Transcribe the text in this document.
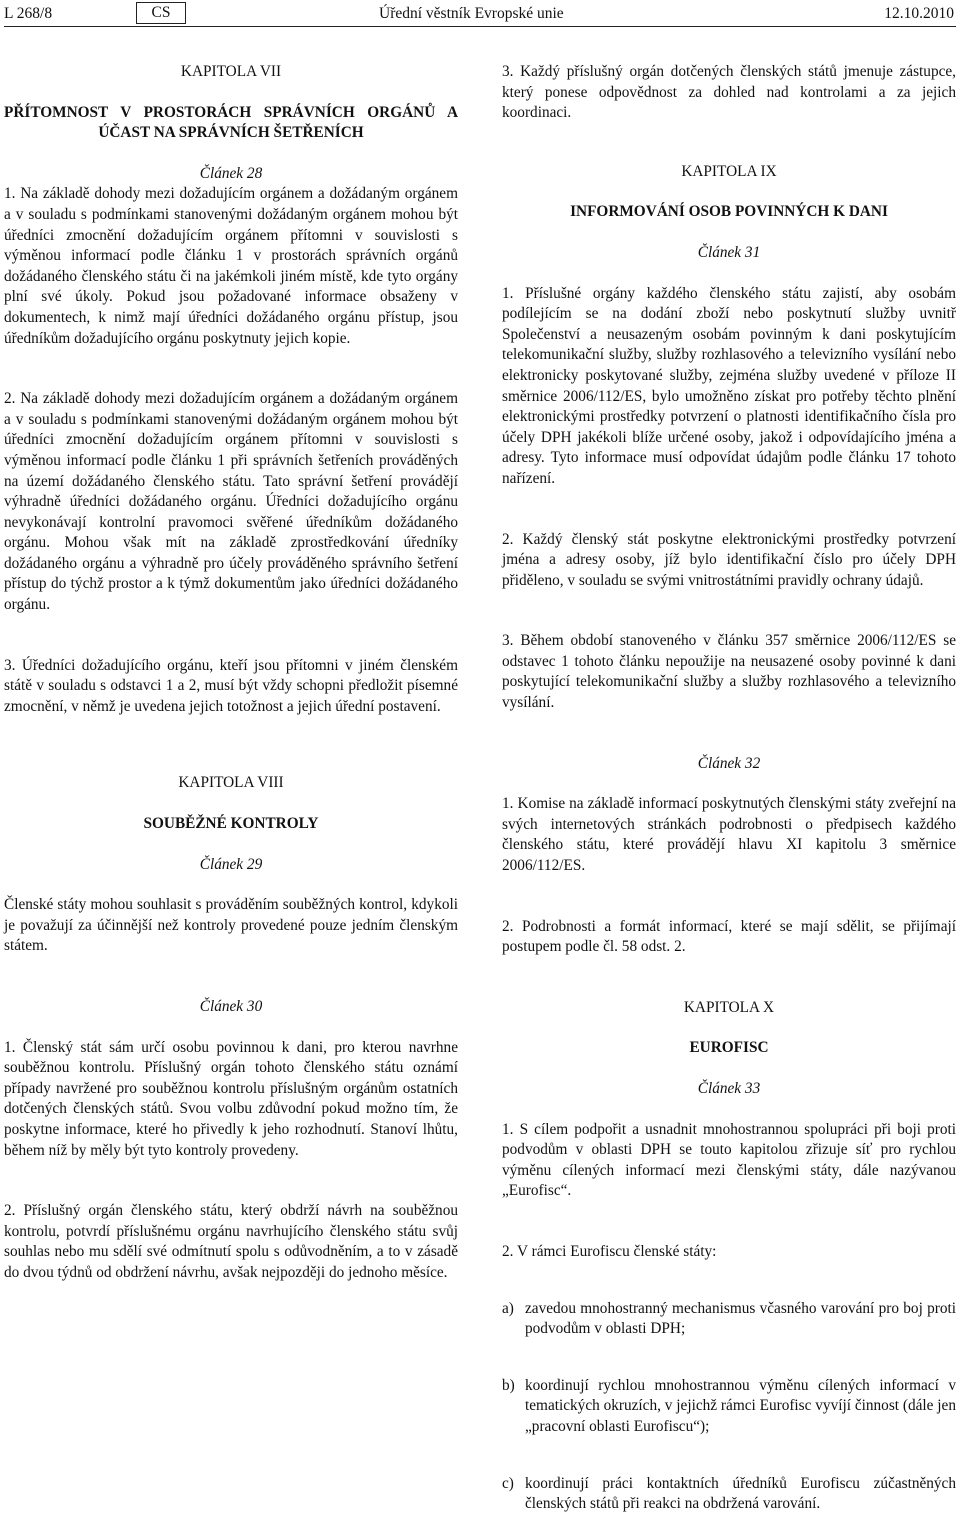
L 268/8	CS	Úřední věstník Evropské unie	12.10.2010
KAPITOLA VII
PŘÍTOMNOST V PROSTORÁCH SPRÁVNÍCH ORGÁNŮ A ÚČAST NA SPRÁVNÍCH ŠETŘENÍCH
Článek 28

1. Na základě dohody mezi dožadujícím orgánem a dožádaným orgánem a v souladu s podmínkami stanovenými dožádaným orgánem mohou být úředníci zmocnění dožadujícím orgánem přítomni v souvislosti s výměnou informací podle článku 1 v prostorách správních orgánů dožádaného členského státu či na jakémkoli jiném místě, kde tyto orgány plní své úkoly. Pokud jsou požadované informace obsaženy v dokumentech, k nimž mají úředníci dožádaného orgánu přístup, jsou úředníkům dožadujícího orgánu poskytnuty jejich kopie.

2. Na základě dohody mezi dožadujícím orgánem a dožádaným orgánem a v souladu s podmínkami stanovenými dožádaným orgánem mohou být úředníci zmocnění dožadujícím orgánem přítomni v souvislosti s výměnou informací podle článku 1 při správních šetřeních prováděných na území dožádaného členského státu. Tato správní šetření provádějí výhradně úředníci dožádaného orgánu. Úředníci dožadujícího orgánu nevykonávají kontrolní pravomoci svěřené úředníkům dožádaného orgánu. Mohou však mít na základě zprostředkování úředníky dožádaného orgánu a výhradně pro účely prováděného správního šetření přístup do týchž prostor a k týmž dokumentům jako úředníci dožádaného orgánu.

3. Úředníci dožadujícího orgánu, kteří jsou přítomni v jiném členském státě v souladu s odstavci 1 a 2, musí být vždy schopni předložit písemné zmocnění, v němž je uvedena jejich totožnost a jejich úřední postavení.

KAPITOLA VIII
SOUBĚŽNÉ KONTROLY
Článek 29

Členské státy mohou souhlasit s prováděním souběžných kontrol, kdykoli je považují za účinnější než kontroly provedené pouze jedním členským státem.

Článek 30

1. Členský stát sám určí osobu povinnou k dani, pro kterou navrhne souběžnou kontrolu. Příslušný orgán tohoto členského státu oznámí případy navržené pro souběžnou kontrolu příslušným orgánům ostatních dotčených členských států. Svou volbu zdůvodní pokud možno tím, že poskytne informace, které ho přivedly k jeho rozhodnutí. Stanoví lhůtu, během níž by měly být tyto kontroly provedeny.

2. Příslušný orgán členského státu, který obdrží návrh na souběžnou kontrolu, potvrdí příslušnému orgánu navrhujícího členského státu svůj souhlas nebo mu sdělí své odmítnutí spolu s odůvodněním, a to v zásadě do dvou týdnů od obdržení návrhu, avšak nejpozději do jednoho měsíce.

3. Každý příslušný orgán dotčených členských států jmenuje zástupce, který ponese odpovědnost za dohled nad kontrolami a za jejich koordinaci.

KAPITOLA IX
INFORMOVÁNÍ OSOB POVINNÝCH K DANI
Článek 31

1. Příslušné orgány každého členského státu zajistí, aby osobám podílejícím se na dodání zboží nebo poskytnutí služby uvnitř Společenství a neusazeným osobám povinným k dani poskytujícím telekomunikační služby, služby rozhlasového a televizního vysílání nebo elektronicky poskytované služby, zejména služby uvedené v příloze II směrnice 2006/112/ES, bylo umožněno získat pro potřeby těchto plnění elektronickými prostředky potvrzení o platnosti identifikačního čísla pro účely DPH jakékoli blíže určené osoby, jakož i odpovídajícího jména a adresy. Tyto informace musí odpovídat údajům podle článku 17 tohoto nařízení.

2. Každý členský stát poskytne elektronickými prostředky potvrzení jména a adresy osoby, jíž bylo identifikační číslo pro účely DPH přiděleno, v souladu se svými vnitrostátními pravidly ochrany údajů.

3. Během období stanoveného v článku 357 směrnice 2006/112/ES se odstavec 1 tohoto článku nepoužije na neusazené osoby povinné k dani poskytující telekomunikační služby a služby rozhlasového a televizního vysílání.

Článek 32

1. Komise na základě informací poskytnutých členskými státy zveřejní na svých internetových stránkách podrobnosti o předpisech každého členského státu, které provádějí hlavu XI kapitolu 3 směrnice 2006/112/ES.

2. Podrobnosti a formát informací, které se mají sdělit, se přijímají postupem podle čl. 58 odst. 2.

KAPITOLA X
EUROFISC
Článek 33

1. S cílem podpořit a usnadnit mnohostrannou spolupráci při boji proti podvodům v oblasti DPH se touto kapitolou zřizuje síť pro rychlou výměnu cílených informací mezi členskými státy, dále nazývanou „Eurofisc“.

2. V rámci Eurofiscu členské státy:

a) zavedou mnohostranný mechanismus včasného varování pro boj proti podvodům v oblasti DPH;
b) koordinují rychlou mnohostrannou výměnu cílených informací v tematických okruzích, v jejichž rámci Eurofisc vyvíjí činnost (dále jen „pracovní oblasti Eurofiscu“);
c) koordinují práci kontaktních úředníků Eurofiscu zúčastněných členských států při reakci na obdržená varování.
